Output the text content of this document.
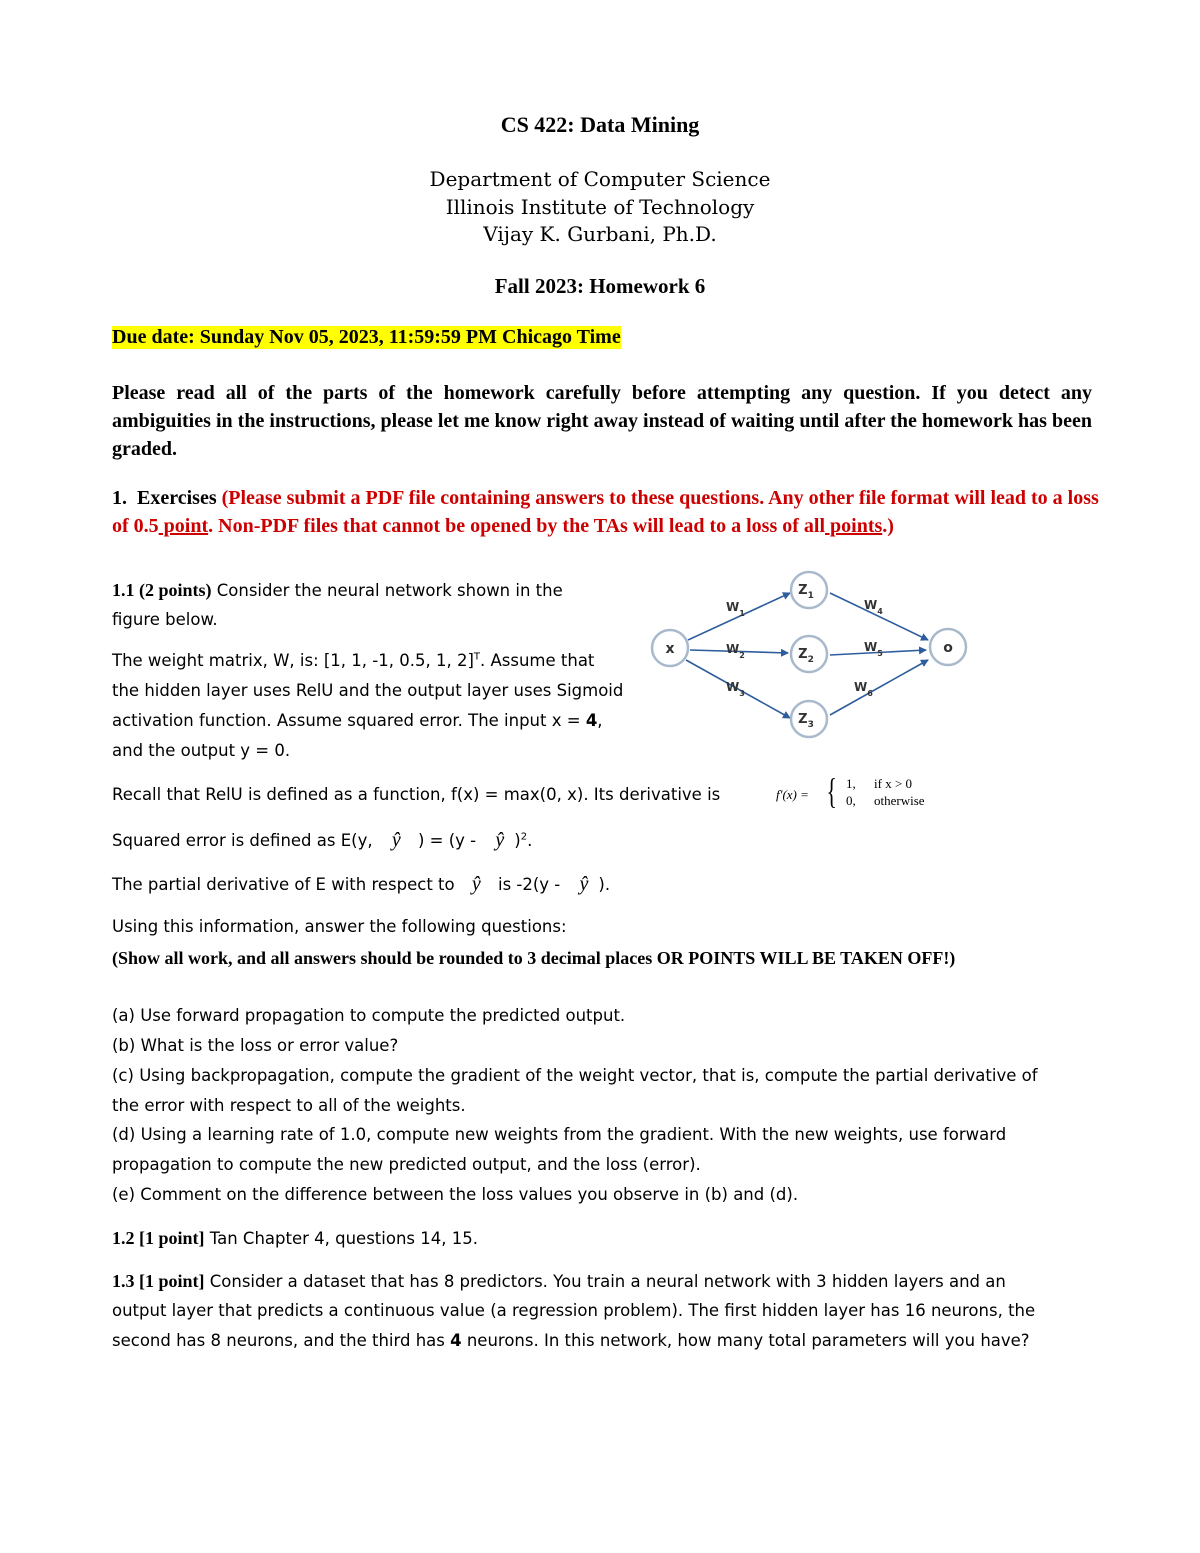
CS 422: Data Mining
Department of Computer Science
Illinois Institute of Technology
Vijay K. Gurbani, Ph.D.
Fall 2023: Homework 6
Due date: Sunday Nov 05, 2023, 11:59:59 PM Chicago Time
Please read all of the parts of the homework carefully before attempting any question. If you detect any ambiguities in the instructions, please let me know right away instead of waiting until after the homework has been graded.
1. Exercises (Please submit a PDF file containing answers to these questions. Any other file format will lead to a loss of 0.5 point. Non-PDF files that cannot be opened by the TAs will lead to a loss of all points.)
1.1 (2 points) Consider the neural network shown in the
figure below.
The weight matrix, W, is: [1, 1, -1, 0.5, 1, 2]$^T$. Assume that
the hidden layer uses RelU and the output layer uses Sigmoid
activation function. Assume squared error. The input x = 4,
and the output y = 0.
x
$Z_1$
$Z_2$
$Z_3$
o
$W_1$
$W_2$
$W_3$
$W_4$
$W_5$
$W_6$
Recall that RelU is defined as a function, f(x) = max(0, x). Its derivative is	f′(x) = { 1, if x > 0
0, otherwise
Squared error is defined as E(y, ŷ ) = (y - ŷ )$^2$.
The partial derivative of E with respect to ŷ is -2(y - ŷ ).
Using this information, answer the following questions:
(Show all work, and all answers should be rounded to 3 decimal places OR POINTS WILL BE TAKEN OFF!)
(a) Use forward propagation to compute the predicted output.
(b) What is the loss or error value?
(c) Using backpropagation, compute the gradient of the weight vector, that is, compute the partial derivative of
the error with respect to all of the weights.
(d) Using a learning rate of 1.0, compute new weights from the gradient. With the new weights, use forward
propagation to compute the new predicted output, and the loss (error).
(e) Comment on the difference between the loss values you observe in (b) and (d).
1.2 [1 point] Tan Chapter 4, questions 14, 15.
1.3 [1 point] Consider a dataset that has 8 predictors. You train a neural network with 3 hidden layers and an
output layer that predicts a continuous value (a regression problem). The first hidden layer has 16 neurons, the
second has 8 neurons, and the third has 4 neurons. In this network, how many total parameters will you have?
